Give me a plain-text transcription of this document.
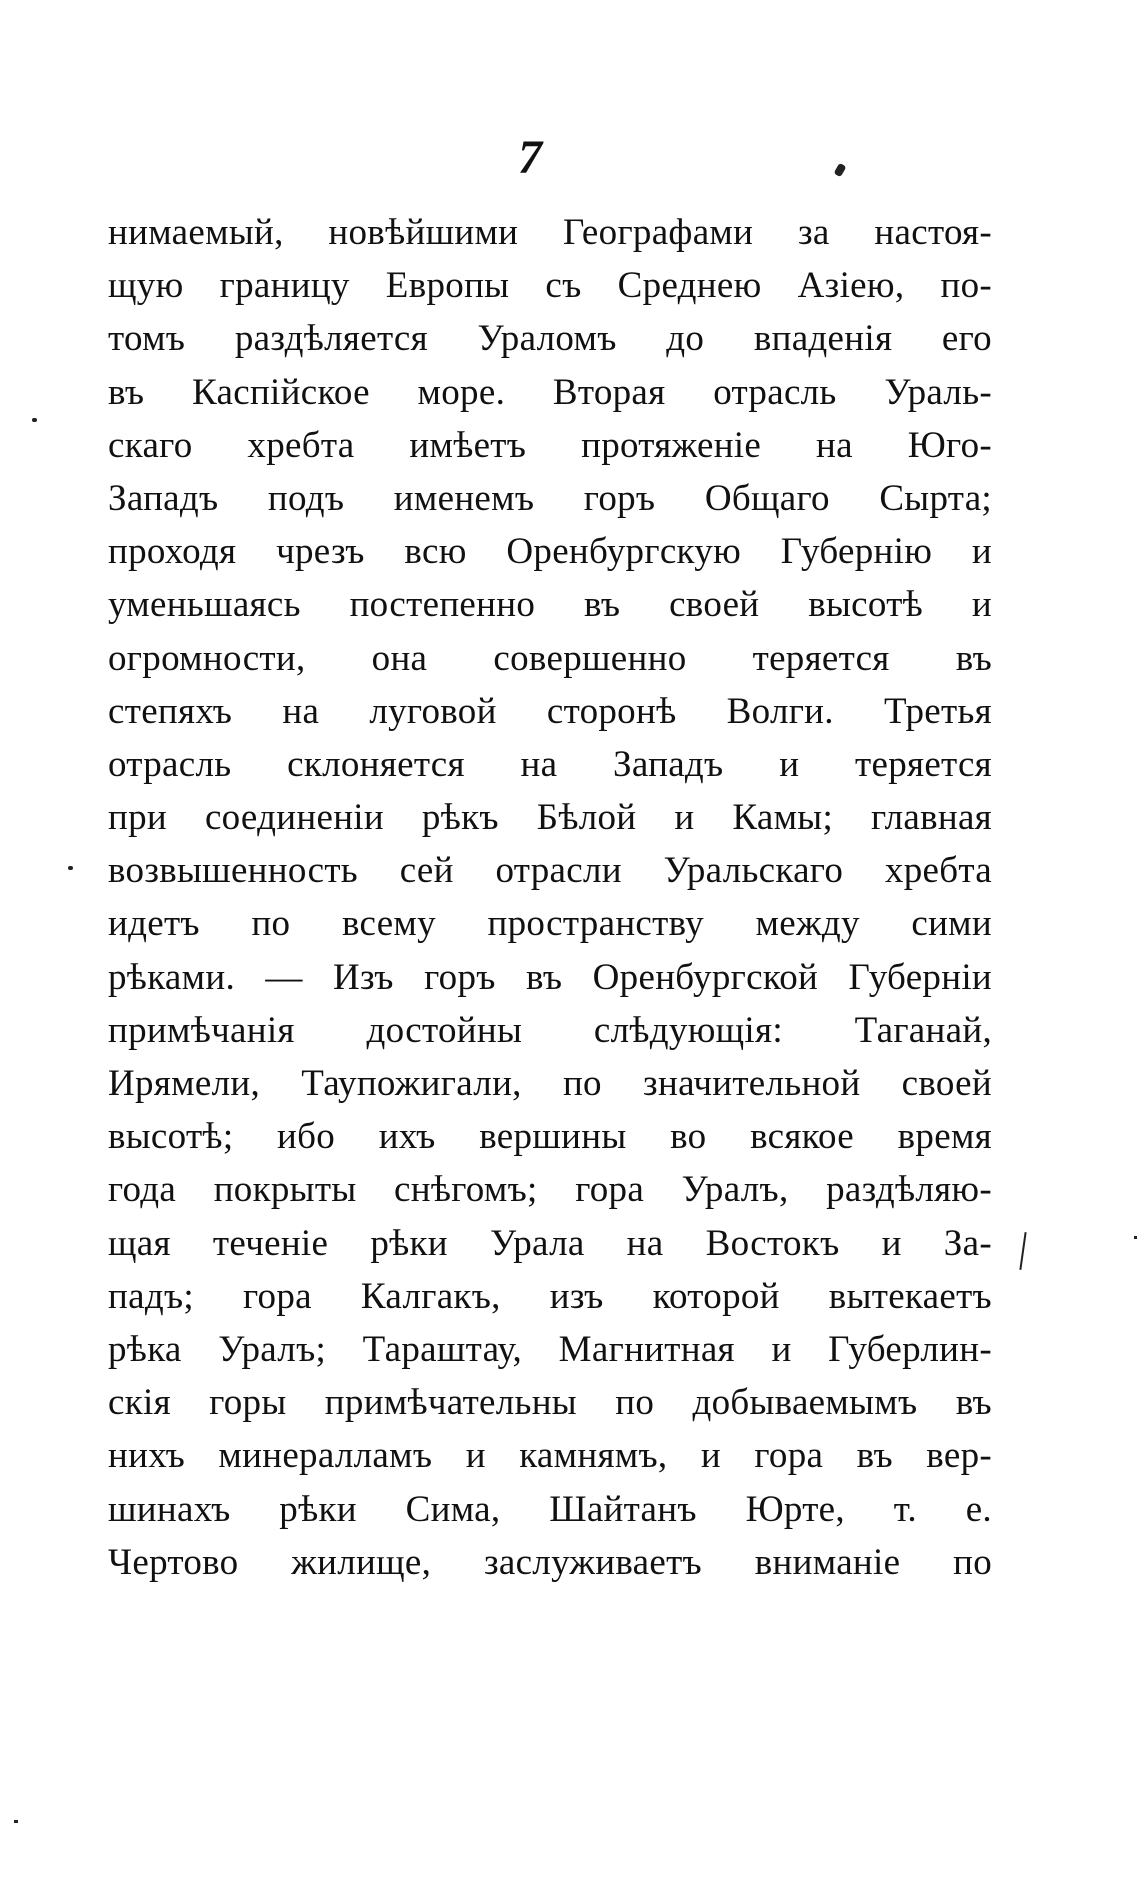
7
нимаемый, новѣйшими Географами за настоя-
щую границу Европы съ Среднею Азіею, по-
томъ раздѣляется Ураломъ до впаденія его
въ Каспійское море. Вторая отрасль Ураль-
скаго хребта имѣетъ протяженіе на Юго-
Западъ подъ именемъ горъ Общаго Сырта;
проходя чрезъ всю Оренбургскую Губернію и
уменьшаясь постепенно въ своей высотѣ и
огромности, она совершенно теряется въ
степяхъ на луговой сторонѣ Волги. Третья
отрасль склоняется на Западъ и теряется
при соединеніи рѣкъ Бѣлой и Камы; главная
возвышенность сей отрасли Уральскаго хребта
идетъ по всему пространству между сими
рѣками. — Изъ горъ въ Оренбургской Губерніи
примѣчанія достойны слѣдующія: Таганай,
Ирямели, Таупожигали, по значительной своей
высотѣ; ибо ихъ вершины во всякое время
года покрыты снѣгомъ; гора Уралъ, раздѣляю-
щая теченіе рѣки Урала на Востокъ и За-
падъ; гора Калгакъ, изъ которой вытекаетъ
рѣка Уралъ; Тараштау, Магнитная и Губерлин-
скія горы примѣчательны по добываемымъ въ
нихъ минералламъ и камнямъ, и гора въ вер-
шинахъ рѣки Сима, Шайтанъ Юртe, т. е.
Чертово жилище, заслуживаетъ вниманіе по
